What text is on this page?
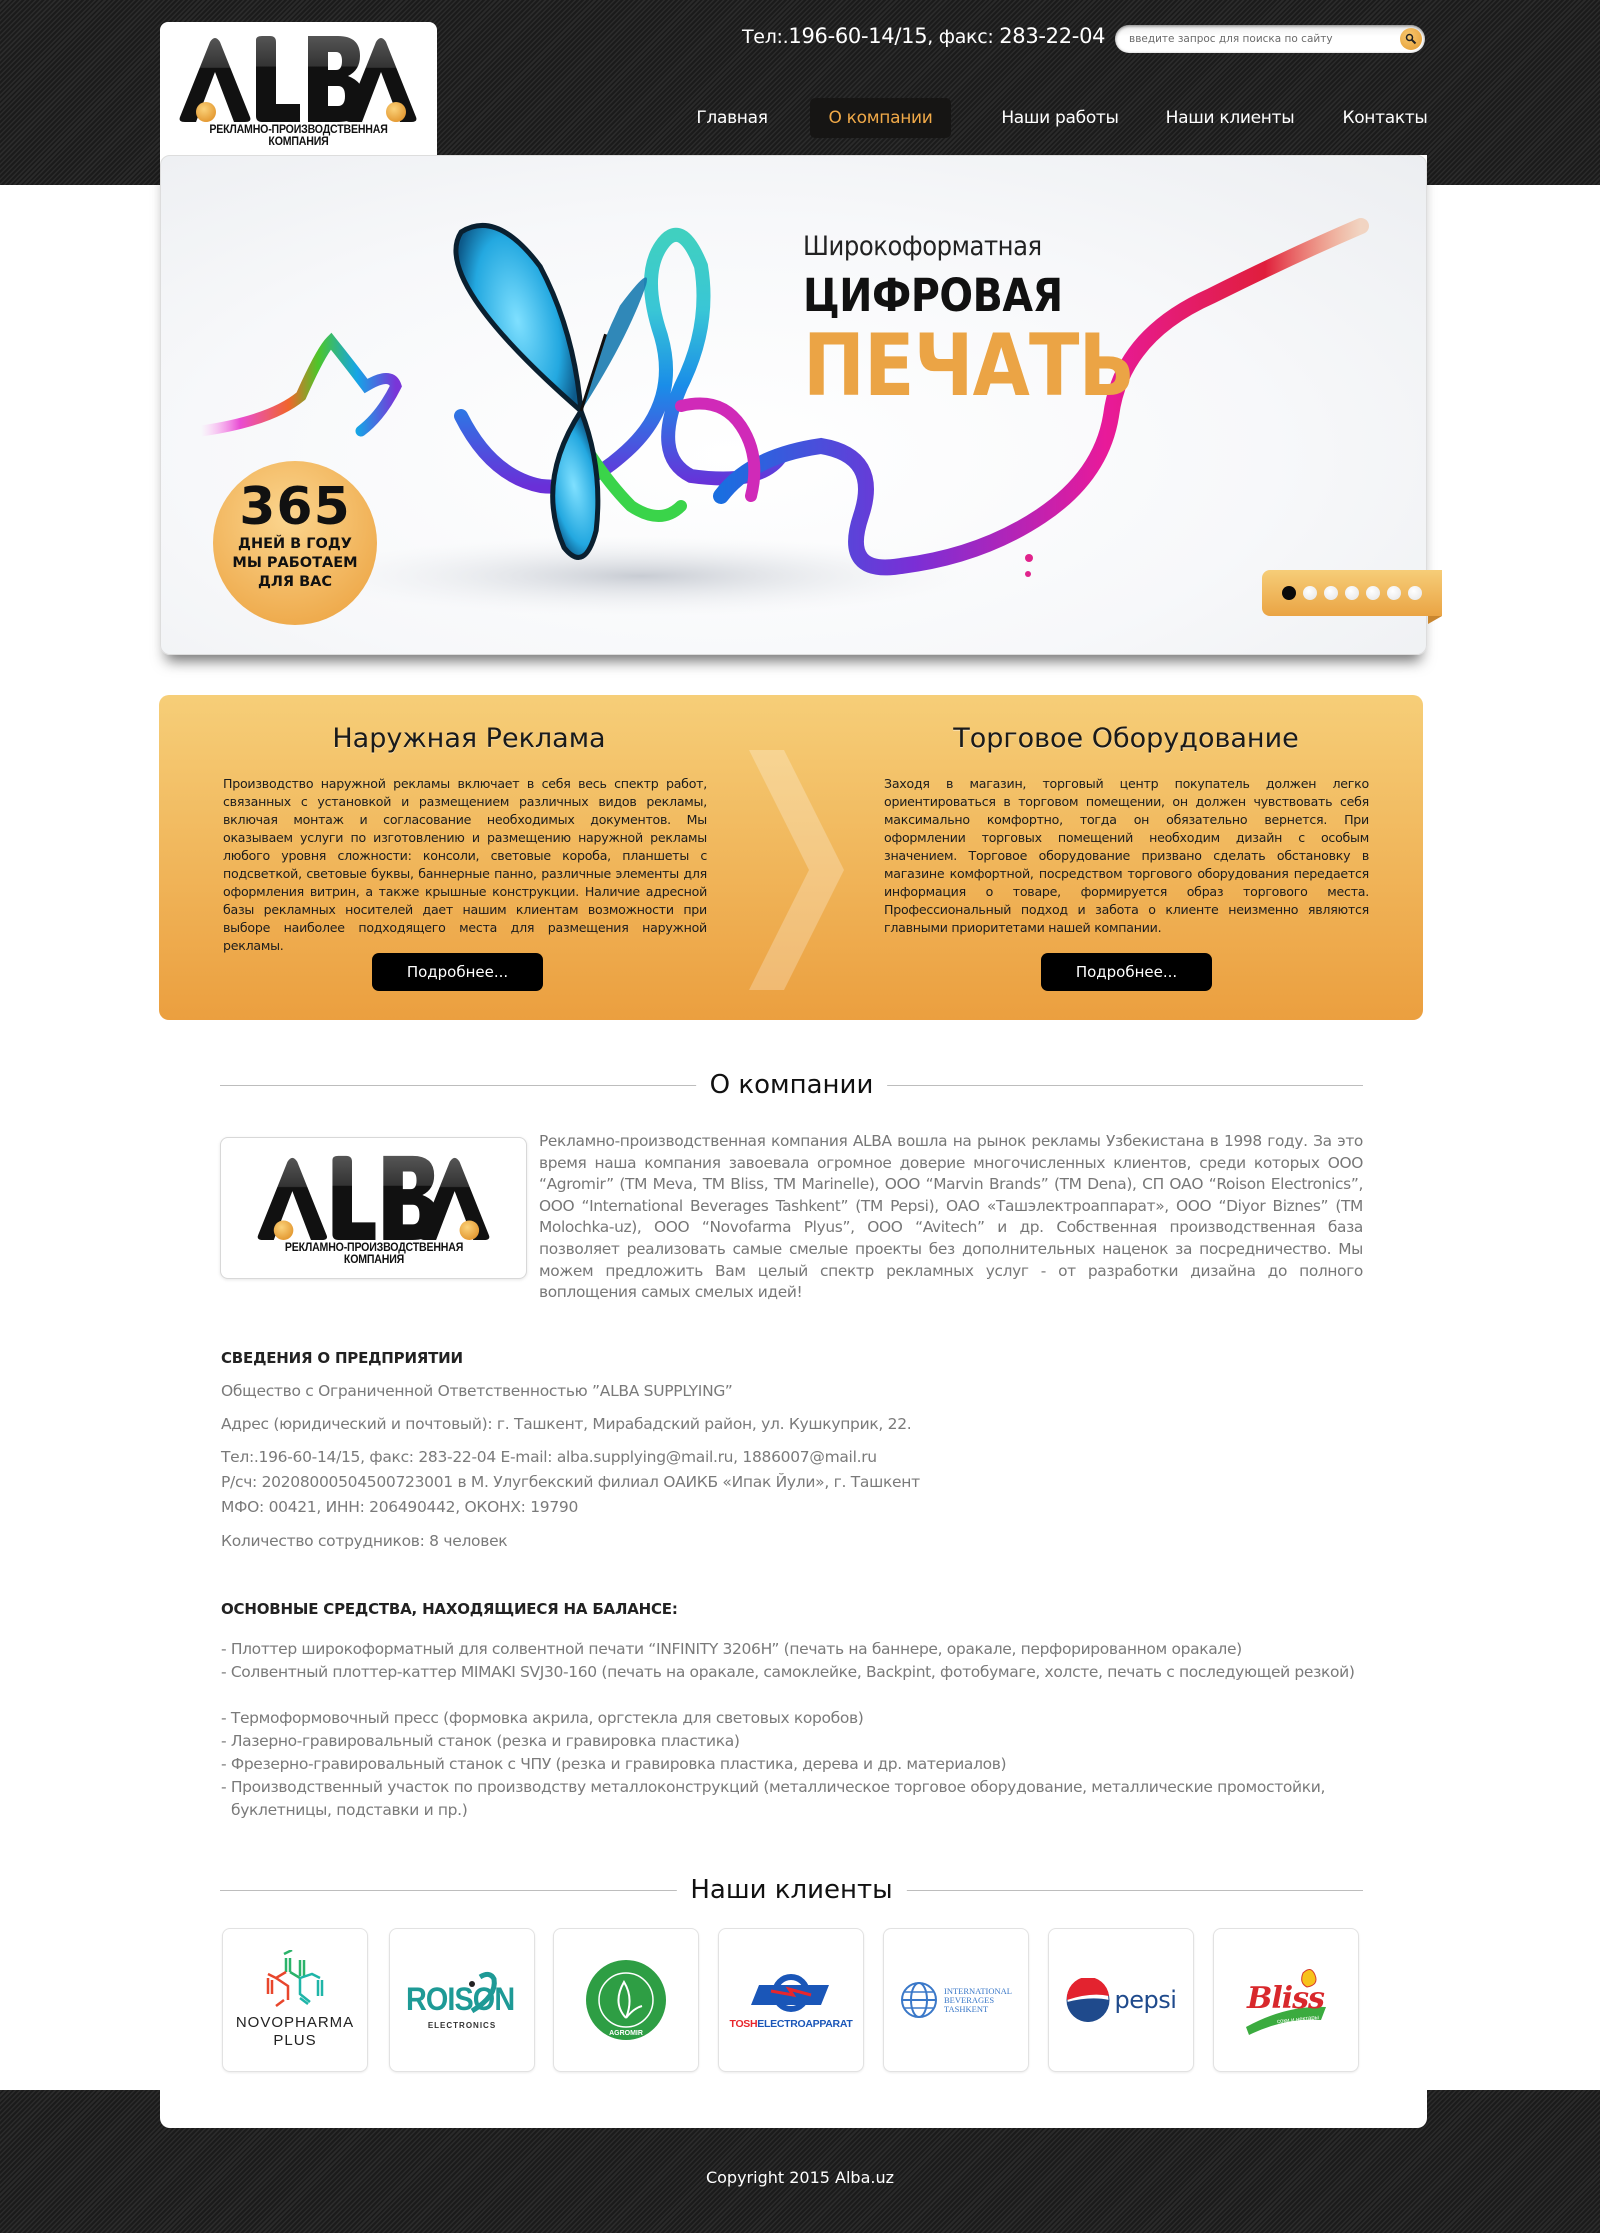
РЕКЛАМНО-ПРОИЗВОДСТВЕННАЯ КОМПАНИЯ
Тел:.196-60-14/15, факс: 283-22-04
введите запрос для поиска по сайту
Главная	О компании	Наши работы	Наши клиенты	Контакты
Широкоформатная
ЦИФРОВАЯ
ПЕЧАТЬ
365
ДНЕЙ В ГОДУ
МЫ РАБОТАЕМ
ДЛЯ ВАС
Наружная Реклама
Производство наружной рекламы включает в себя весь спектр работ, связанных с установкой и размещением различных видов рекламы, включая монтаж и согласование необходимых документов. Мы оказываем услуги по изготовлению и размещению наружной рекламы любого уровня сложности: консоли, световые короба, планшеты с подсветкой, световые буквы, баннерные панно, различные элементы для оформления витрин, а также крышные конструкции. Наличие адресной базы рекламных носителей дает нашим клиентам возможности при выборе наиболее подходящего места для размещения наружной рекламы.
Подробнее...
Торговое Оборудование
Заходя в магазин, торговый центр покупатель должен легко ориентироваться в торговом помещении, он должен чувствовать себя максимально комфортно, тогда он обязательно вернется. При оформлении торговых помещений необходим дизайн с особым значением. Торговое оборудование призвано сделать обстановку в магазине комфортной, посредством торгового оборудования передается информация о товаре, формируется образ торгового места. Профессиональный подход и забота о клиенте неизменно являются главными приоритетами нашей компании.
Подробнее...
О компании
Рекламно-производственная компания ALBA вошла на рынок рекламы Узбекистана в 1998 году. За это время наша компания завоевала огромное доверие многочисленных клиентов, среди которых ООО “Agromir” (TM Meva, TM Bliss, TM Marinelle), ООО “Marvin Brands” (TM Dena), СП ОАО “Roison Electronics”, ООО “International Beverages Tashkent” (TM Pepsi), ОАО «Ташэлектроаппарат», ООО “Diyor Biznes” (TM Molochka-uz), ООО “Novofarma Plyus”, ООО “Avitech” и др. Собственная производственная база позволяет реализовать самые смелые проекты без дополнительных наценок за посредничество. Мы можем предложить Вам целый спектр рекламных услуг - от разработки дизайна до полного воплощения самых смелых идей!
РЕКЛАМНО-ПРОИЗВОДСТВЕННАЯ КОМПАНИЯ
СВЕДЕНИЯ О ПРЕДПРИЯТИИ
Общество с Ограниченной Ответственностью ”ALBA SUPPLYING”
Адрес (юридический и почтовый): г. Ташкент, Мирабадский район, ул. Кушкуприк, 22.
Тел:.196-60-14/15, факс: 283-22-04 E-mail: alba.supplying@mail.ru, 1886007@mail.ru
Р/сч: 20208000504500723001 в М. Улугбекский филиал ОАИКБ «Ипак Йули», г. Ташкент
МФО: 00421, ИНН: 206490442, ОКОНХ: 19790
Количество сотрудников: 8 человек
ОСНОВНЫЕ СРЕДСТВА, НАХОДЯЩИЕСЯ НА БАЛАНСЕ:
- Плоттер широкоформатный для солвентной печати “INFINITY 3206H” (печать на баннере, оракале, перфорированном оракале)
- Солвентный плоттер-каттер MIMAKI SVJ30-160 (печать на оракале, самоклейке, Backpint, фотобумаге, холсте, печать с последующей резкой)
- Термоформовочный пресс (формовка акрила, оргстекла для световых коробов)
- Лазерно-гравировальный станок (резка и гравировка пластика)
- Фрезерно-гравировальный станок с ЧПУ (резка и гравировка пластика, дерева и др. материалов)
- Производственный участок по производству металлоконструкций (металлическое торговое оборудование, металлические промостойки, буклетницы, подставки и пр.)
Наши клиенты
NOVOPHARMA
PLUS
ROISON
ELECTRONICS
AGROMIR
TOSHELECTROAPPARAT
INTERNATIONAL
BEVERAGES
TASHKENT	pepsi Bliss
соки и нектары
Copyright 2015 Alba.uz
